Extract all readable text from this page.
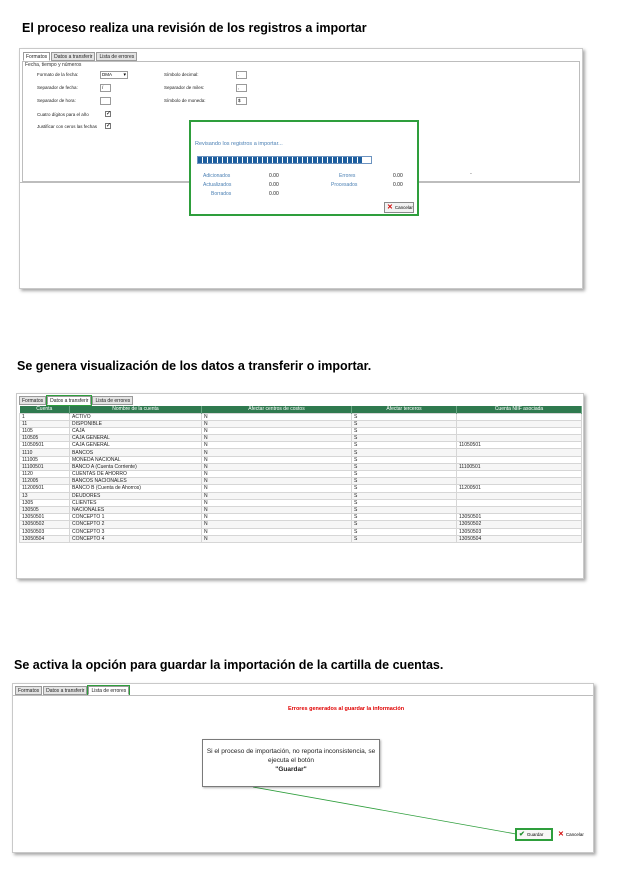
El proceso realiza una revisión de los registros a importar
Formatos	Datos a transferir	Lista de errores
Fecha, tiempo y números
Formato de la fecha:	DMA ▾
Separador de fecha:	/
Separador de hora:
Cuatro dígitos para el año	✓
Justificar con ceros las fechas ✓
Símbolo decimal:	.
Separador de miles:	,
Símbolo de moneda:	$
.
Revisando los registros a importar...
Adicionados	0.00
Actualizados	0.00
Borrados	0.00
Errores	0.00
Procesados	0.00
✕ Cancelar
Se genera visualización de los datos a transferir o importar.
Formatos	Datos a transferir	Lista de errores
Cuenta	Nombre de la cuenta	Afectar centros de costos	Afectar terceros	Cuenta NIIF asociada
1	ACTIVO	N	S	
11	DISPONIBLE	N	S	
1105	CAJA	N	S	
110505	CAJA GENERAL	N	S	
11050501	CAJA GENERAL	N	S	11050501
1110	BANCOS	N	S	
111005	MONEDA NACIONAL	N	S	
11100501	BANCO A (Cuenta Corriente)	N	S	11100501
1120	CUENTAS DE AHORRO	N	S	
112005	BANCOS NACIONALES	N	S	
11200501	BANCO B (Cuenta de Ahorros)	N	S	11200501
13	DEUDORES	N	S	
1305	CLIENTES	N	S	
130505	NACIONALES	N	S	
13050501	CONCEPTO 1	N	S	13050501
13050502	CONCEPTO 2	N	S	13050502
13050503	CONCEPTO 3	N	S	13050503
13050504	CONCEPTO 4	N	S	13050504
Se activa la opción para guardar la importación de la cartilla de cuentas.
Formatos	Datos a transferir	Lista de errores
Errores generados al guardar la información
Si el proceso de importación, no reporta inconsistencia, se ejecuta el botón
"Guardar"
✔ Guardar ✕ Cancelar
